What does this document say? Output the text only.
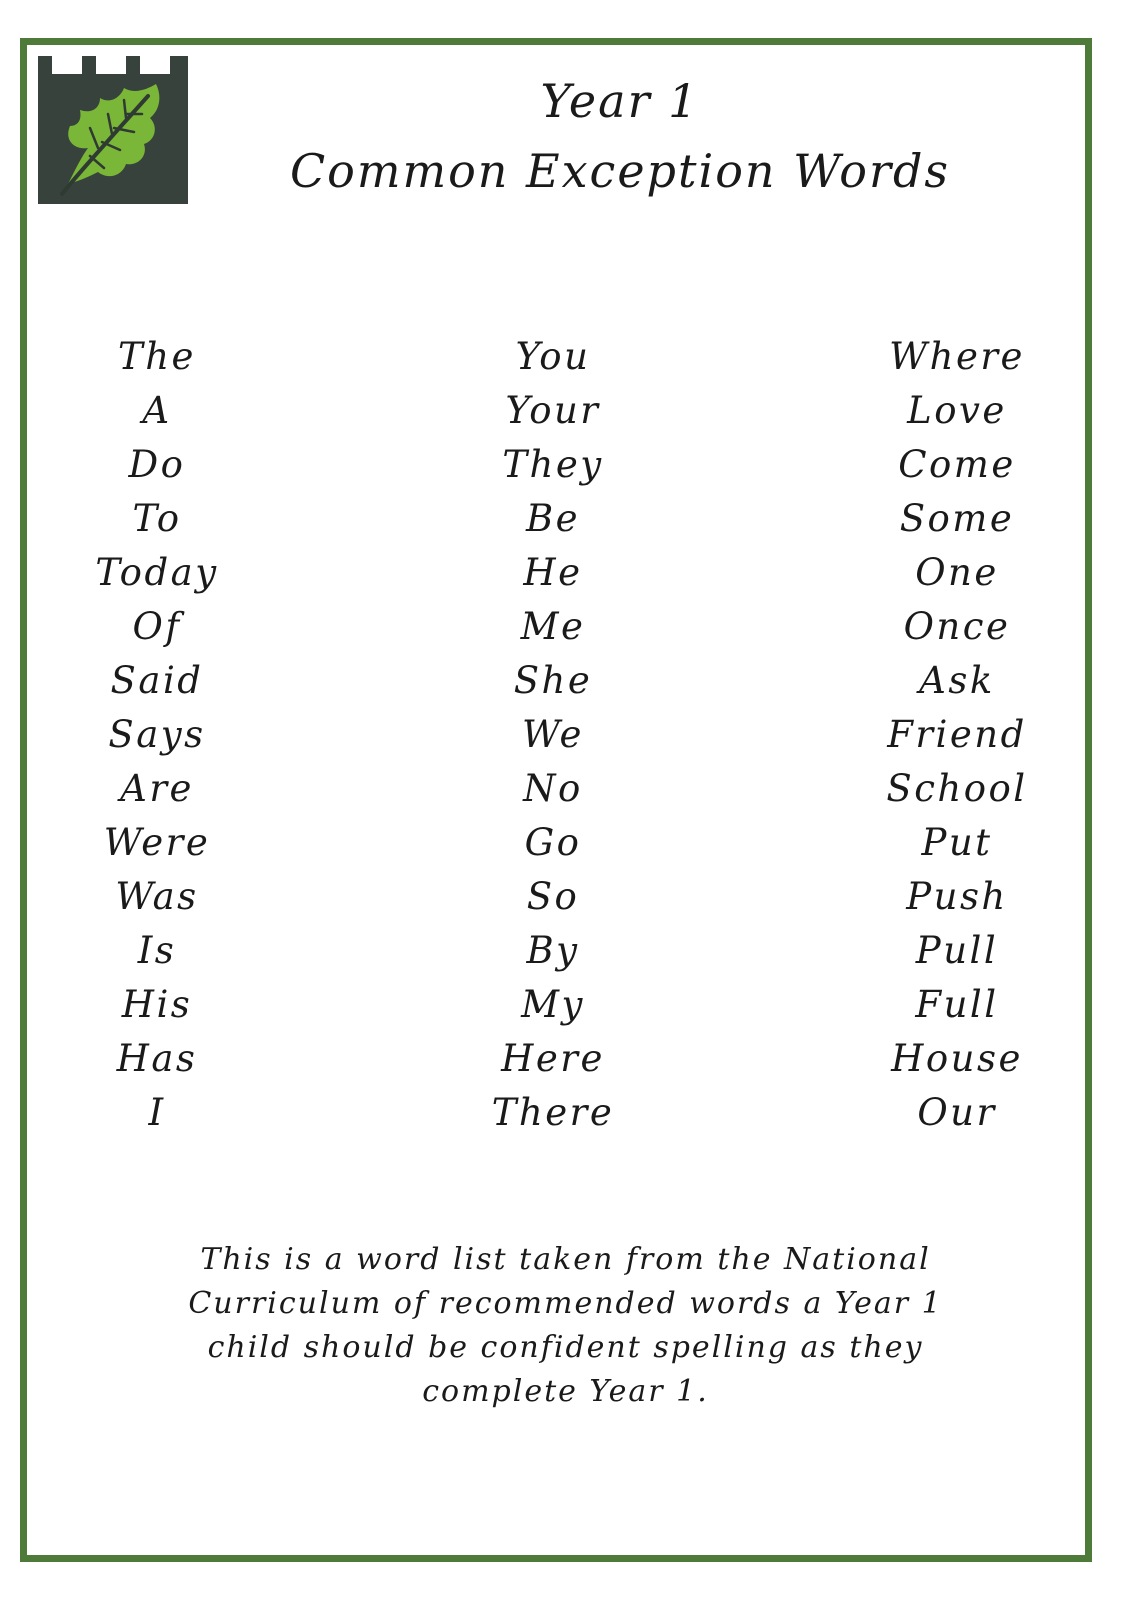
Year 1
Common Exception Words
The
A
Do
To
Today
Of
Said
Says
Are
Were
Was
Is
His
Has
I
You
Your
They
Be
He
Me
She
We
No
Go
So
By
My
Here
There
Where
Love
Come
Some
One
Once
Ask
Friend
School
Put
Push
Pull
Full
House
Our
This is a word list taken from the National
Curriculum of recommended words a Year 1
child should be confident spelling as they
complete Year 1.
